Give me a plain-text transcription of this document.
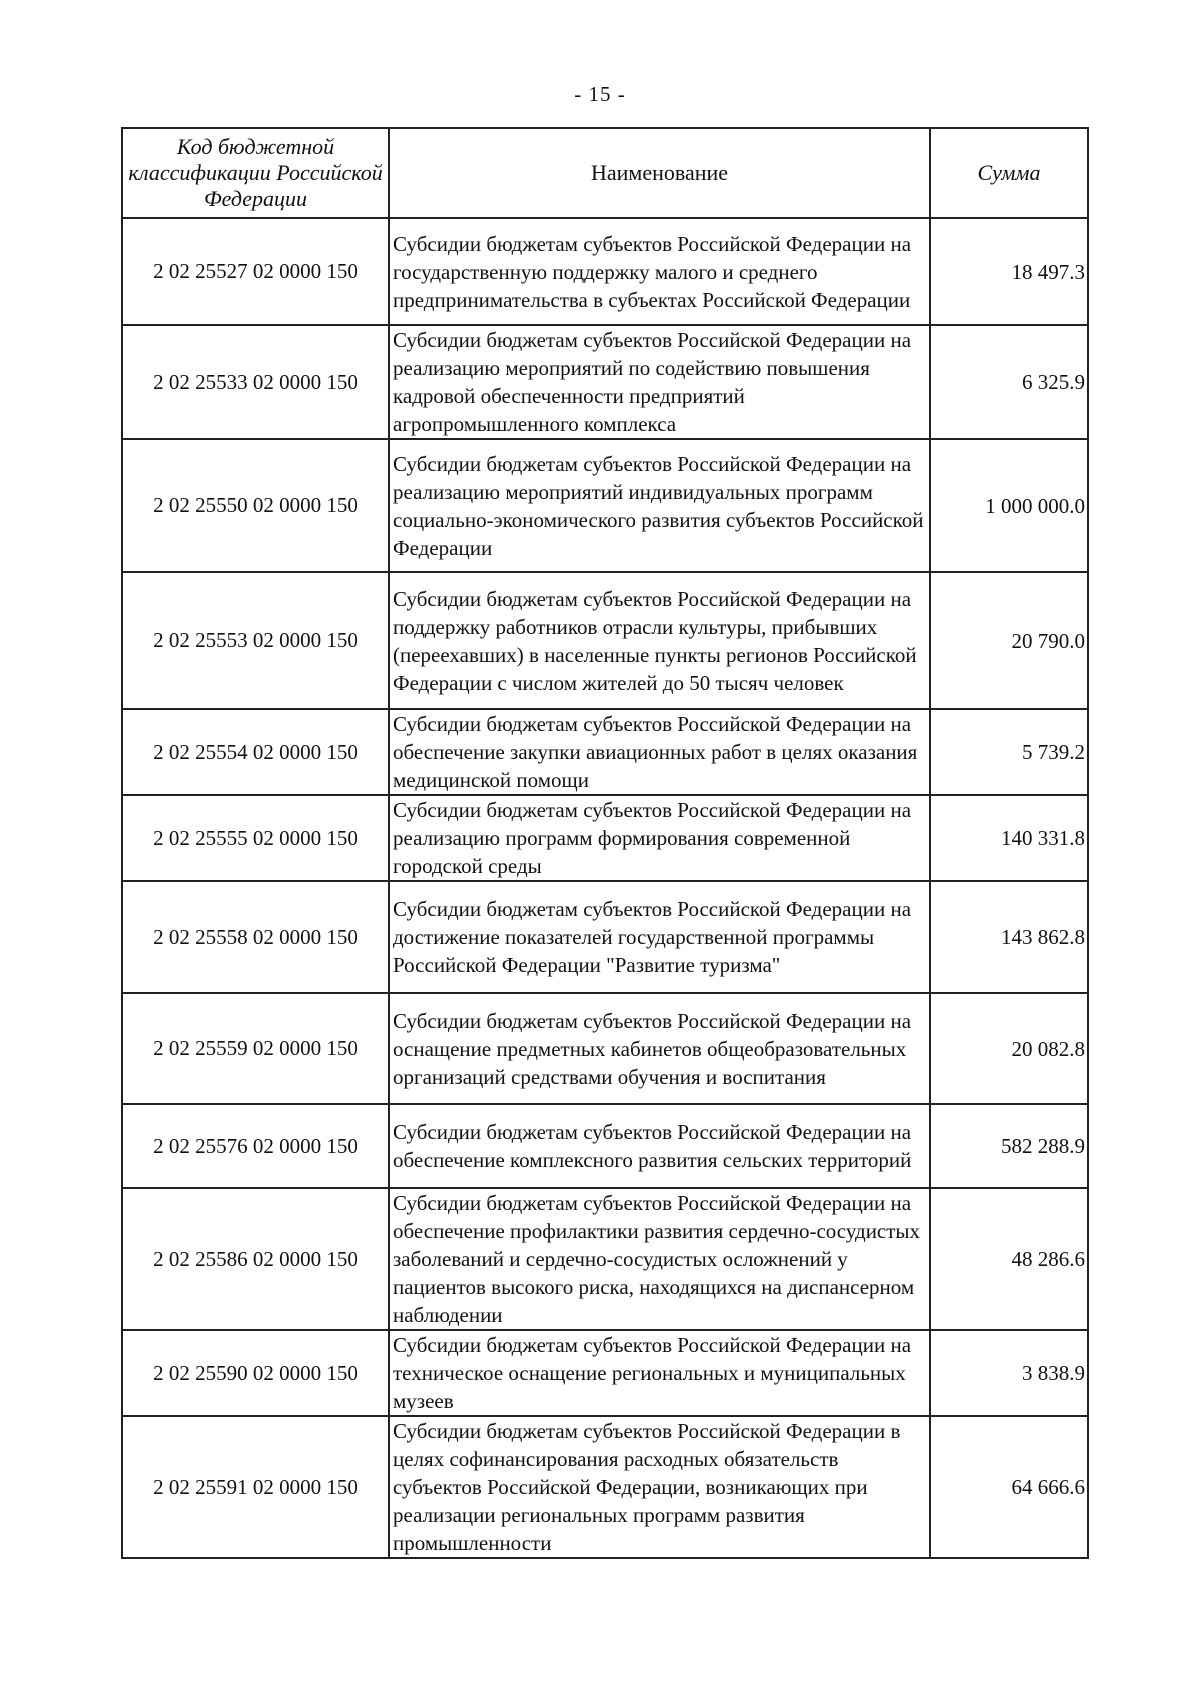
- 15 -
Код бюджетной классификации Российской Федерации	Наименование	Сумма
2 02 25527 02 0000 150	Субсидии бюджетам субъектов Российской Федерации на государственную поддержку малого и среднего предпринимательства в субъектах Российской Федерации	18 497.3
2 02 25533 02 0000 150	Субсидии бюджетам субъектов Российской Федерации на реализацию мероприятий по содействию повышения кадровой обеспеченности предприятий агропромышленного комплекса	6 325.9
2 02 25550 02 0000 150	Субсидии бюджетам субъектов Российской Федерации на реализацию мероприятий индивидуальных программ социально-экономического развития субъектов Российской Федерации	1 000 000.0
2 02 25553 02 0000 150	Субсидии бюджетам субъектов Российской Федерации на поддержку работников отрасли культуры, прибывших (переехавших) в населенные пункты регионов Российской Федерации с числом жителей до 50 тысяч человек	20 790.0
2 02 25554 02 0000 150	Субсидии бюджетам субъектов Российской Федерации на обеспечение закупки авиационных работ в целях оказания медицинской помощи	5 739.2
2 02 25555 02 0000 150	Субсидии бюджетам субъектов Российской Федерации на реализацию программ формирования современной городской среды	140 331.8
2 02 25558 02 0000 150	Субсидии бюджетам субъектов Российской Федерации на достижение показателей государственной программы Российской Федерации "Развитие туризма"	143 862.8
2 02 25559 02 0000 150	Субсидии бюджетам субъектов Российской Федерации на оснащение предметных кабинетов общеобразовательных организаций средствами обучения и воспитания	20 082.8
2 02 25576 02 0000 150	Субсидии бюджетам субъектов Российской Федерации на обеспечение комплексного развития сельских территорий	582 288.9
2 02 25586 02 0000 150	Субсидии бюджетам субъектов Российской Федерации на обеспечение профилактики развития сердечно-сосудистых заболеваний и сердечно-сосудистых осложнений у пациентов высокого риска, находящихся на диспансерном наблюдении	48 286.6
2 02 25590 02 0000 150	Субсидии бюджетам субъектов Российской Федерации на техническое оснащение региональных и муниципальных музеев	3 838.9
2 02 25591 02 0000 150	Субсидии бюджетам субъектов Российской Федерации в целях софинансирования расходных обязательств субъектов Российской Федерации, возникающих при реализации региональных программ развития промышленности	64 666.6
